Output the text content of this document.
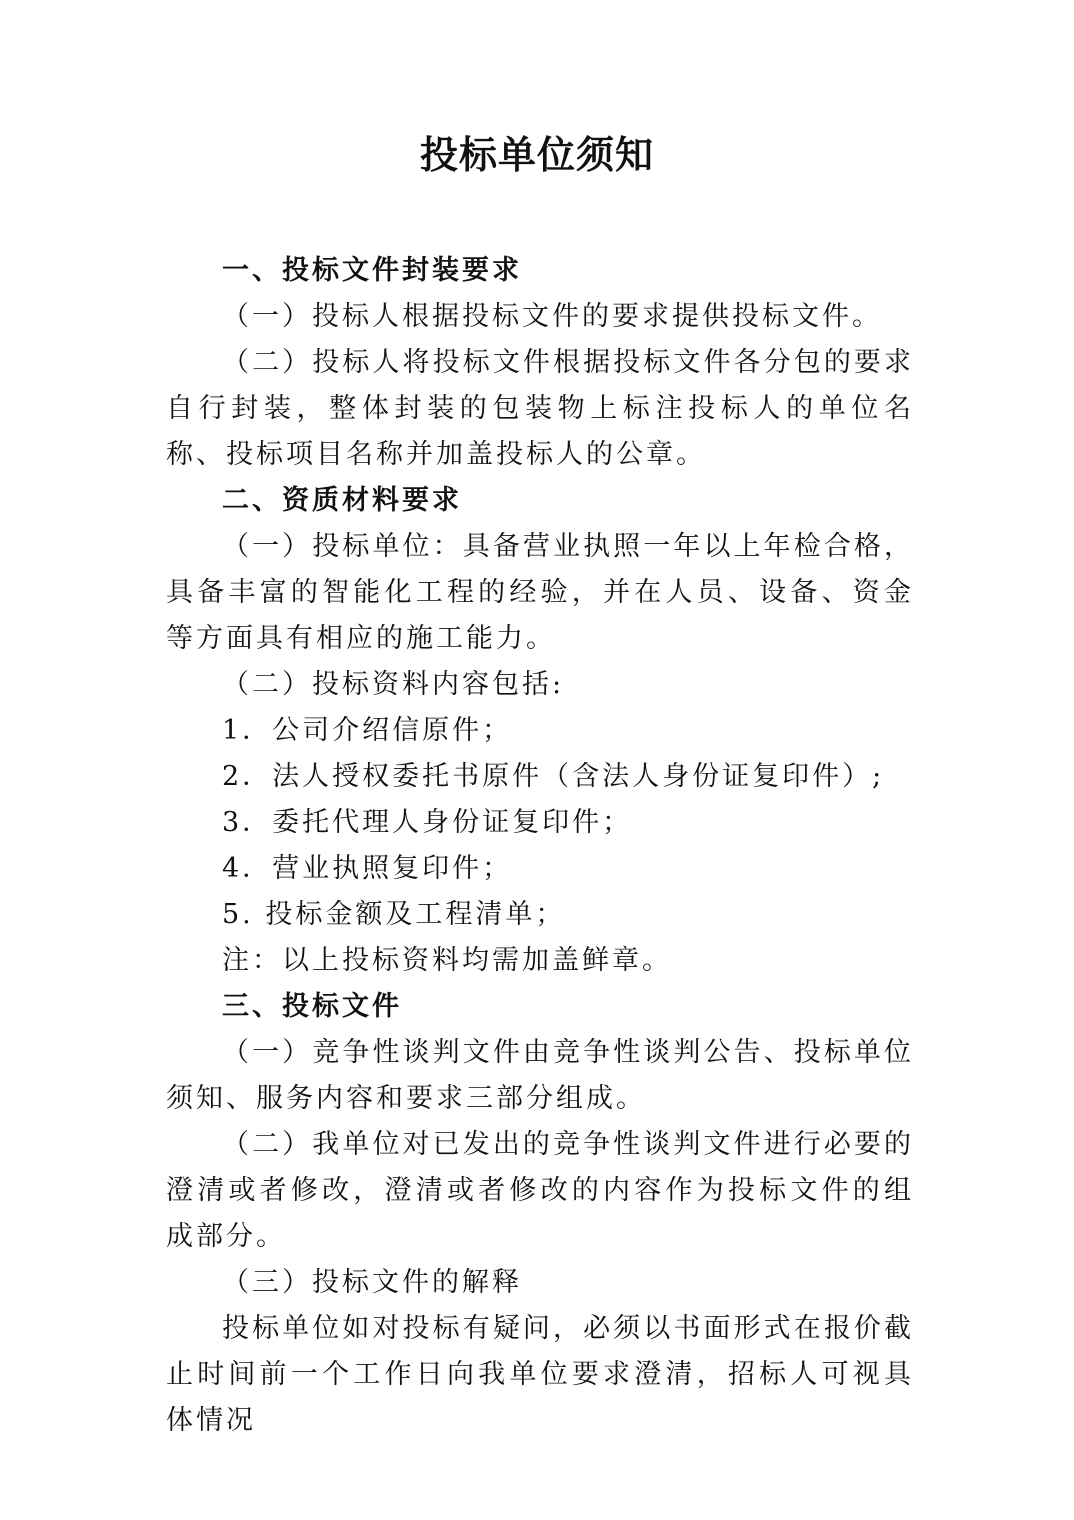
投标单位须知

一、投标文件封装要求

（一）投标人根据投标文件的要求提供投标文件。

（二）投标人将投标文件根据投标文件各分包的要求自行封装，整体封装的包装物上标注投标人的单位名称、投标项目名称并加盖投标人的公章。

二、资质材料要求

（一）投标单位：具备营业执照一年以上年检合格，具备丰富的智能化工程的经验，并在人员、设备、资金等方面具有相应的施工能力。

（二）投标资料内容包括:

1．公司介绍信原件；

2．法人授权委托书原件（含法人身份证复印件）;

3．委托代理人身份证复印件；

4．营业执照复印件；

5. 投标金额及工程清单；

注：以上投标资料均需加盖鲜章。

三、投标文件

（一）竞争性谈判文件由竞争性谈判公告、投标单位须知、服务内容和要求三部分组成。

（二）我单位对已发出的竞争性谈判文件进行必要的澄清或者修改，澄清或者修改的内容作为投标文件的组成部分。

（三）投标文件的解释

投标单位如对投标有疑问，必须以书面形式在报价截止时间前一个工作日向我单位要求澄清，招标人可视具体情况
